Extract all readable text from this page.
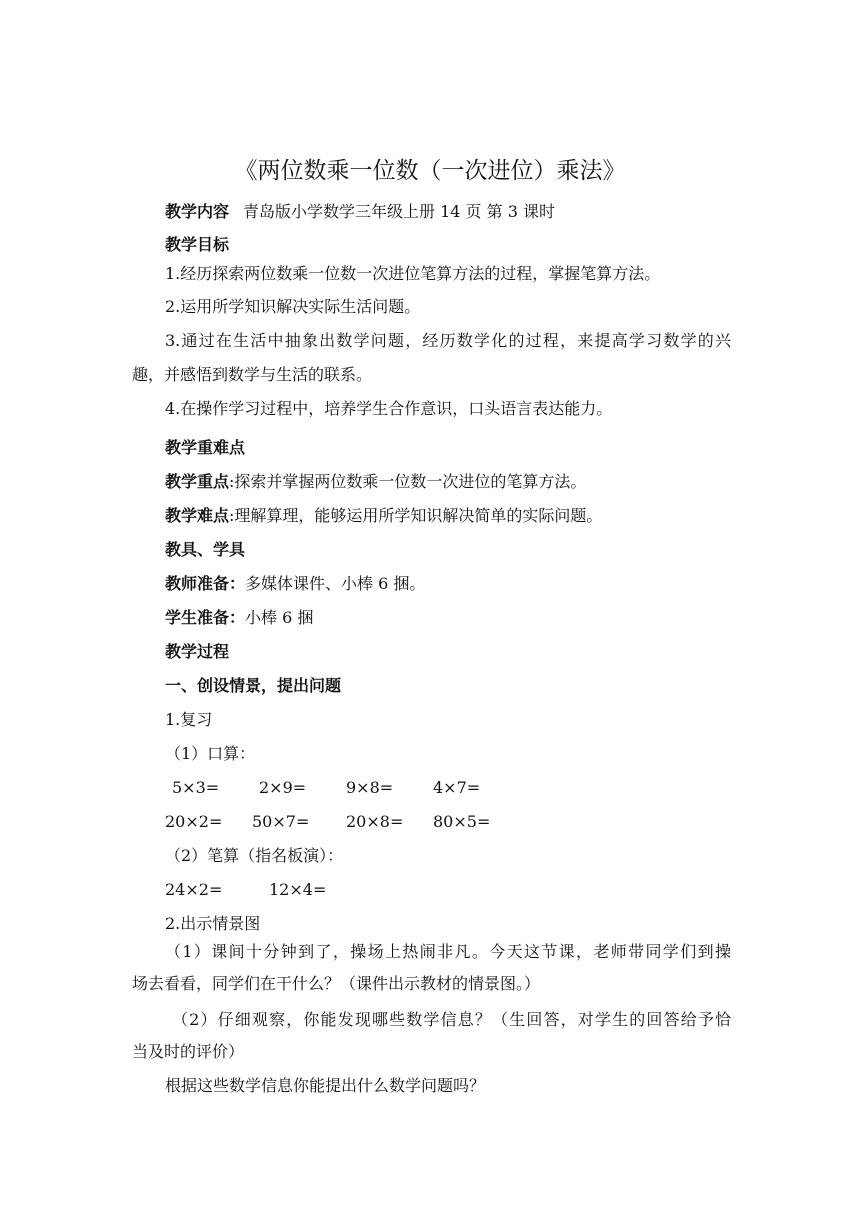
《两位数乘一位数（一次进位）乘法》
教学内容 青岛版小学数学三年级上册 14 页 第 3 课时
教学目标
1.经历探索两位数乘一位数一次进位笔算方法的过程，掌握笔算方法。
2.运用所学知识解决实际生活问题。
3.通过在生活中抽象出数学问题，经历数学化的过程，来提高学习数学的兴
趣，并感悟到数学与生活的联系。
4.在操作学习过程中，培养学生合作意识，口头语言表达能力。
教学重难点
教学重点:探索并掌握两位数乘一位数一次进位的笔算方法。
教学难点:理解算理，能够运用所学知识解决简单的实际问题。
教具、学具
教师准备：多媒体课件、小棒 6 捆。
学生准备：小棒 6 捆
教学过程
一、创设情景，提出问题
1.复习
（1）口算：
5×3= 2×9= 9×8= 4×7=
20×2= 50×7= 20×8= 80×5=
（2）笔算（指名板演）：
24×2=	12×4=
2.出示情景图
（1）课间十分钟到了，操场上热闹非凡。今天这节课，老师带同学们到操
场去看看，同学们在干什么？（课件出示教材的情景图。）
（2）仔细观察，你能发现哪些数学信息？（生回答，对学生的回答给予恰
当及时的评价）
根据这些数学信息你能提出什么数学问题吗？
